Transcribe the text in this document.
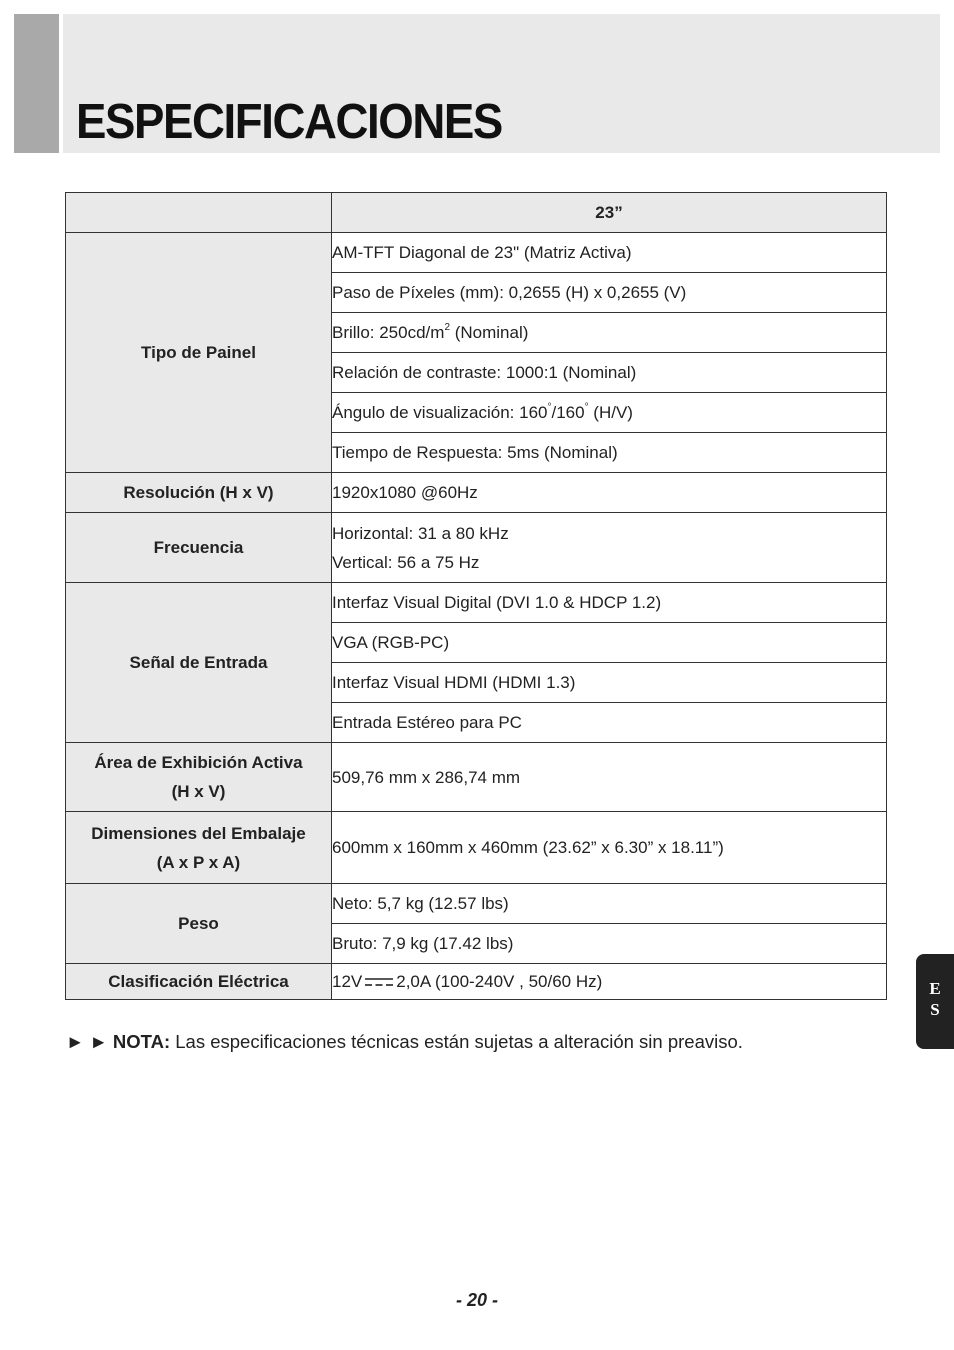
ESPECIFICACIONES
	23”
Tipo de Painel	AM-TFT Diagonal de 23" (Matriz Activa)
	Paso de Píxeles (mm): 0,2655 (H) x 0,2655 (V)
	Brillo: $250cd/m^2$ (Nominal)
	Relación de contraste: 1000:1 (Nominal)
	Ángulo de visualización: 160°/160° (H/V)
	Tiempo de Respuesta: 5ms (Nominal)
Resolución (H x V)	1920x1080 @60Hz
Frecuencia	Horizontal: 31 a 80 kHz
Vertical: 56 a 75 Hz

Señal de Entrada	Interfaz Visual Digital (DVI 1.0 & HDCP 1.2)
	VGA (RGB-PC)
	Interfaz Visual HDMI (HDMI 1.3)
	Entrada Estéreo para PC

Área de Exhibición Activa
(H x V)	509,76 mm x 286,74 mm

Dimensiones del Embalaje
(A x P x A)	600mm x 160mm x 460mm (23.62” x 6.30” x 18.11”)
Peso	Neto: 5,7 kg (12.57 lbs)
	Bruto: 7,9 kg (17.42 lbs)
Clasificación Eléctrica	12V 2,0A (100-240V , 50/60 Hz)

► ► NOTA: Las especificaciones técnicas están sujetas a alteración sin preaviso.

E
S
- 20 -
